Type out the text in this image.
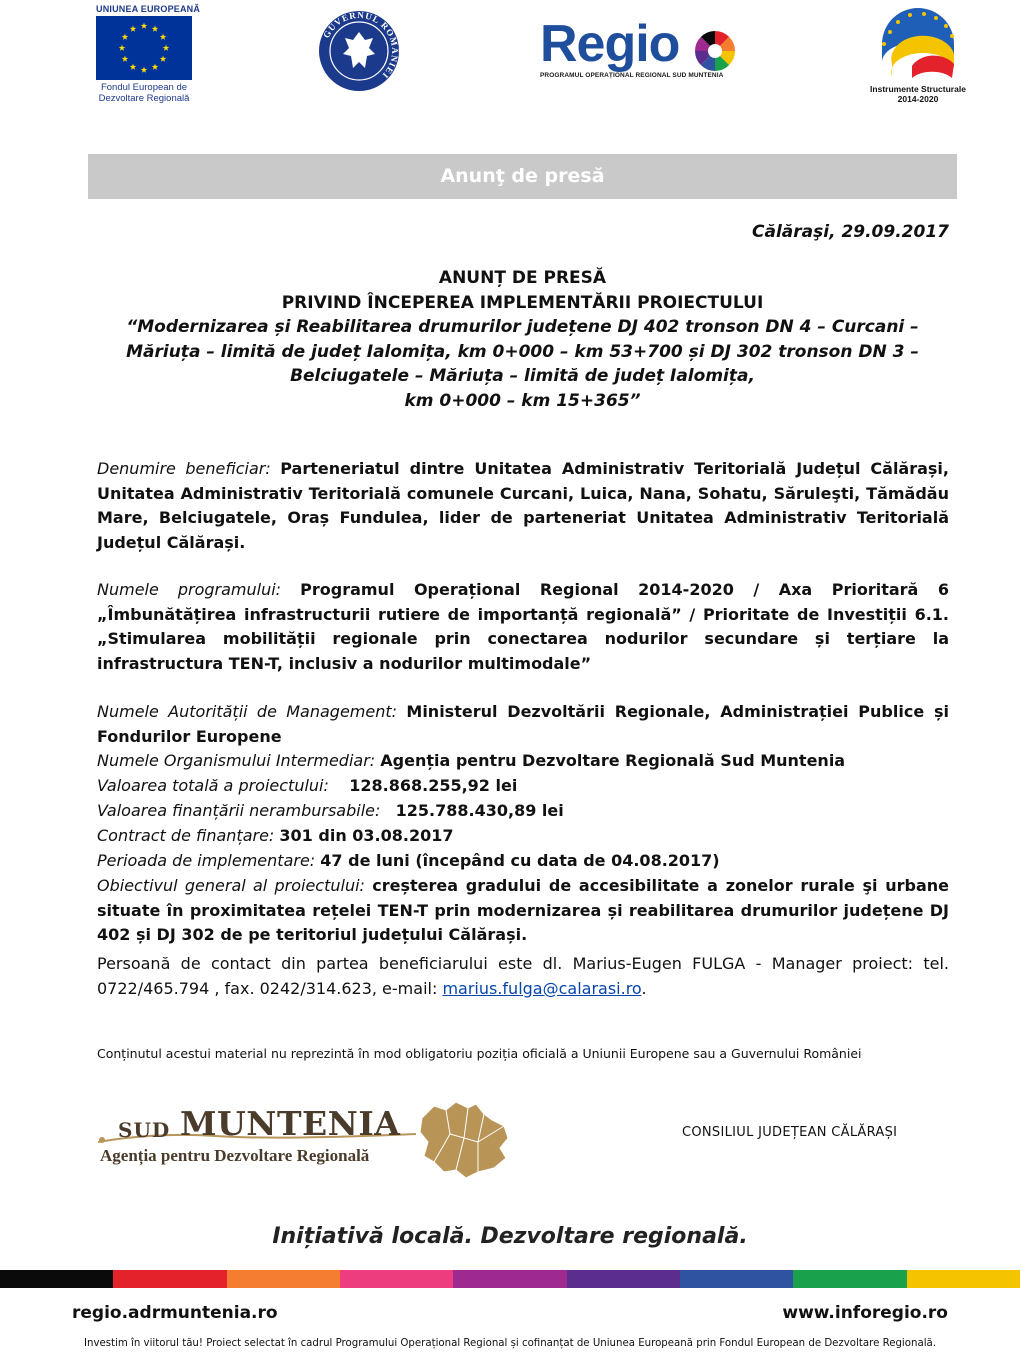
UNIUNEA EUROPEANĂ
Fondul European de Dezvoltare Regională
GUVERNUL ROMÂNIEI
Regio
PROGRAMUL OPERAȚIONAL REGIONAL SUD MUNTENIA
Instrumente Structurale 2014-2020
Anunţ de presă
Călăraşi, 29.09.2017
ANUNȚ DE PRESĂ
PRIVIND ÎNCEPEREA IMPLEMENTĂRII PROIECTULUI
“Modernizarea și Reabilitarea drumurilor județene DJ 402 tronson DN 4 – Curcani – Măriuța – limită de județ Ialomița, km 0+000 – km 53+700 și DJ 302 tronson DN 3 – Belciugatele – Măriuța – limită de județ Ialomița,
km 0+000 – km 15+365”
Denumire beneficiar: Parteneriatul dintre Unitatea Administrativ Teritorială Județul Călărași, Unitatea Administrativ Teritorială comunele Curcani, Luica, Nana, Sohatu, Săruleşti, Tămădău Mare, Belciugatele, Oraș Fundulea, lider de parteneriat Unitatea Administrativ Teritorială Județul Călărași.
Numele programului: Programul Operațional Regional 2014-2020 / Axa Prioritară 6 „Îmbunătățirea infrastructurii rutiere de importanță regională” / Prioritate de Investiții 6.1. „Stimularea mobilității regionale prin conectarea nodurilor secundare și terțiare la infrastructura TEN-T, inclusiv a nodurilor multimodale”
Numele Autorității de Management: Ministerul Dezvoltării Regionale, Administrației Publice și Fondurilor Europene
Numele Organismului Intermediar: Agenția pentru Dezvoltare Regională Sud Muntenia
Valoarea totală a proiectului: 128.868.255,92 lei
Valoarea finanțării nerambursabile: 125.788.430,89 lei
Contract de finanțare: 301 din 03.08.2017
Perioada de implementare: 47 de luni (începând cu data de 04.08.2017)
Obiectivul general al proiectului: creșterea gradului de accesibilitate a zonelor rurale şi urbane situate în proximitatea rețelei TEN-T prin modernizarea și reabilitarea drumurilor județene DJ 402 și DJ 302 de pe teritoriul județului Călărași.
Persoană de contact din partea beneficiarului este dl. Marius-Eugen FULGA - Manager proiect: tel. 0722/465.794 , fax. 0242/314.623, e-mail: marius.fulga@calarasi.ro.
Conținutul acestui material nu reprezintă în mod obligatoriu poziția oficială a Uniunii Europene sau a Guvernului României
SUD MUNTENIA
Agenția pentru Dezvoltare Regională
CONSILIUL JUDEȚEAN CĂLĂRAȘI
Inițiativă locală. Dezvoltare regională.
regio.adrmuntenia.ro	www.inforegio.ro
Investim în viitorul tău! Proiect selectat în cadrul Programului Operațional Regional și cofinanțat de Uniunea Europeană prin Fondul European de Dezvoltare Regională.
